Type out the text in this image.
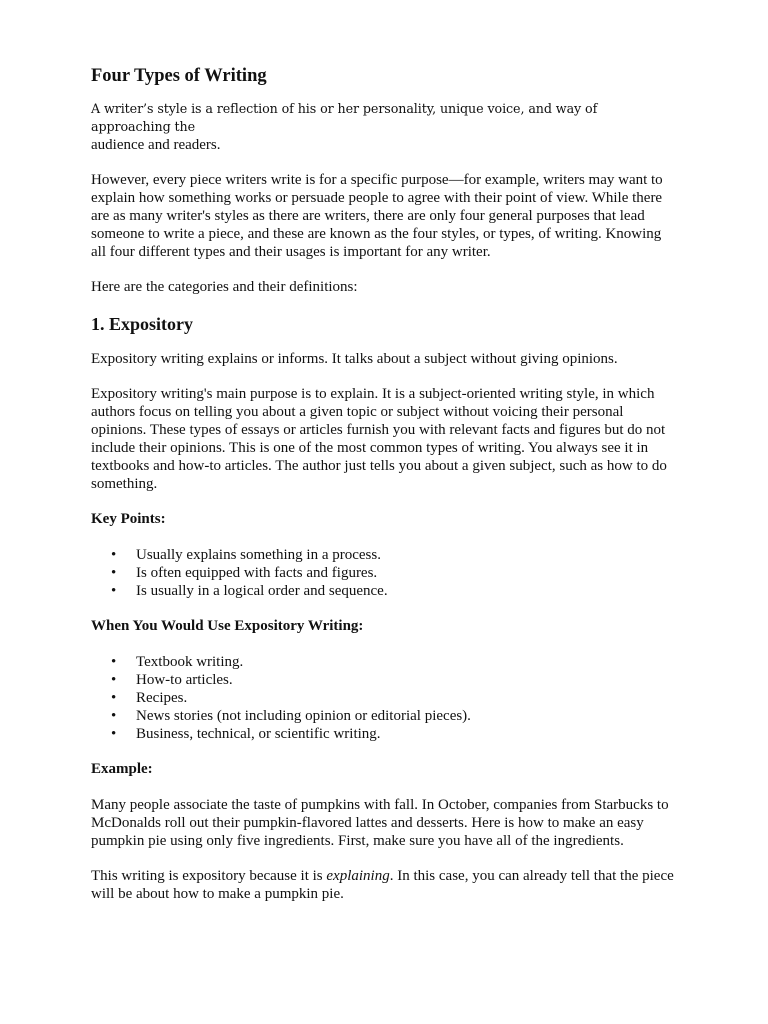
Four Types of Writing

A writer’s style is a reflection of his or her personality, unique voice, and way of approaching the
audience and readers.

However, every piece writers write is for a specific purpose—for example, writers may want to explain how something works or persuade people to agree with their point of view. While there are as many writer's styles as there are writers, there are only four general purposes that lead someone to write a piece, and these are known as the four styles, or types, of writing. Knowing all four different types and their usages is important for any writer.

Here are the categories and their definitions:

1. Expository

Expository writing explains or informs. It talks about a subject without giving opinions.

Expository writing's main purpose is to explain. It is a subject-oriented writing style, in which authors focus on telling you about a given topic or subject without voicing their personal opinions. These types of essays or articles furnish you with relevant facts and figures but do not include their opinions. This is one of the most common types of writing. You always see it in textbooks and how-to articles. The author just tells you about a given subject, such as how to do something.

Key Points:
• Usually explains something in a process.
• Is often equipped with facts and figures.
• Is usually in a logical order and sequence.
When You Would Use Expository Writing:
• Textbook writing.
• How-to articles.
• Recipes.
• News stories (not including opinion or editorial pieces).
• Business, technical, or scientific writing.
Example:

Many people associate the taste of pumpkins with fall. In October, companies from Starbucks to McDonalds roll out their pumpkin-flavored lattes and desserts. Here is how to make an easy pumpkin pie using only five ingredients. First, make sure you have all of the ingredients.

This writing is expository because it is explaining. In this case, you can already tell that the piece will be about how to make a pumpkin pie.
